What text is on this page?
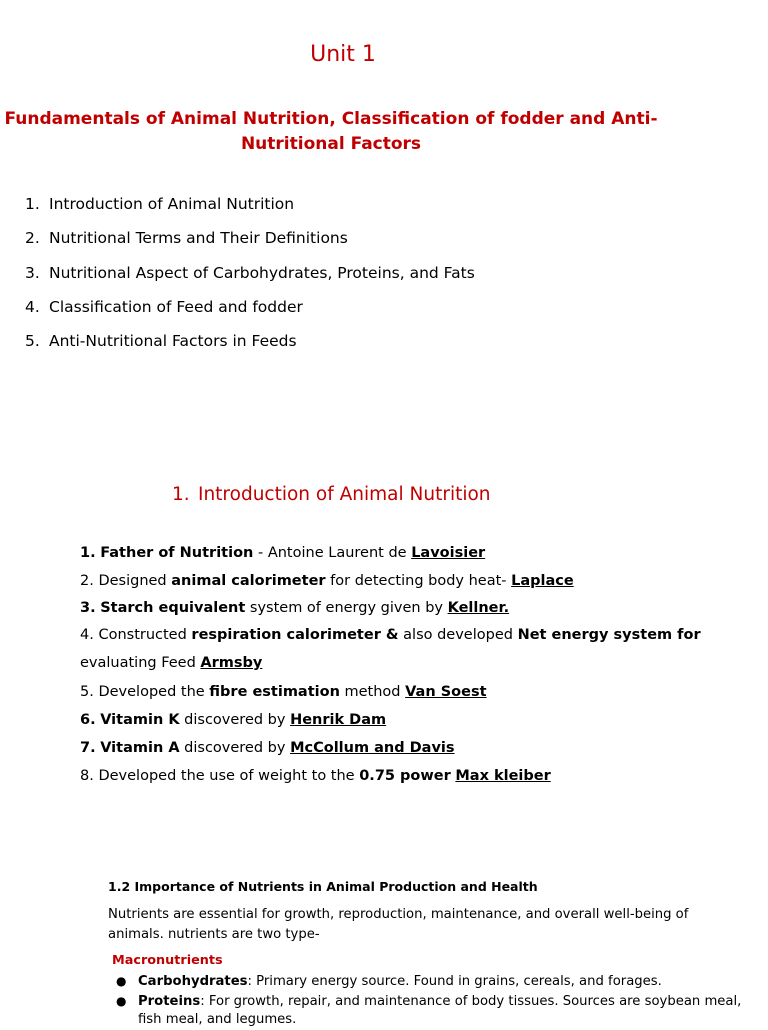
Unit 1
Fundamentals of Animal Nutrition, Classification of fodder and Anti-Nutritional Factors
1. Introduction of Animal Nutrition
2. Nutritional Terms and Their Definitions
3. Nutritional Aspect of Carbohydrates, Proteins, and Fats
4. Classification of Feed and fodder
5. Anti-Nutritional Factors in Feeds
1. Introduction of Animal Nutrition
1. Father of Nutrition - Antoine Laurent de Lavoisier
2. Designed animal calorimeter for detecting body heat- Laplace
3. Starch equivalent system of energy given by Kellner.
4. Constructed respiration calorimeter & also developed Net energy system for
evaluating Feed Armsby
5. Developed the fibre estimation method Van Soest
6. Vitamin K discovered by Henrik Dam
7. Vitamin A discovered by McCollum and Davis
8. Developed the use of weight to the 0.75 power Max kleiber
1.2 Importance of Nutrients in Animal Production and Health
Nutrients are essential for growth, reproduction, maintenance, and overall well-being of animals. nutrients are two type-
Macronutrients
● Carbohydrates: Primary energy source. Found in grains, cereals, and forages.
● Proteins: For growth, repair, and maintenance of body tissues. Sources are soybean meal,
fish meal, and legumes.
